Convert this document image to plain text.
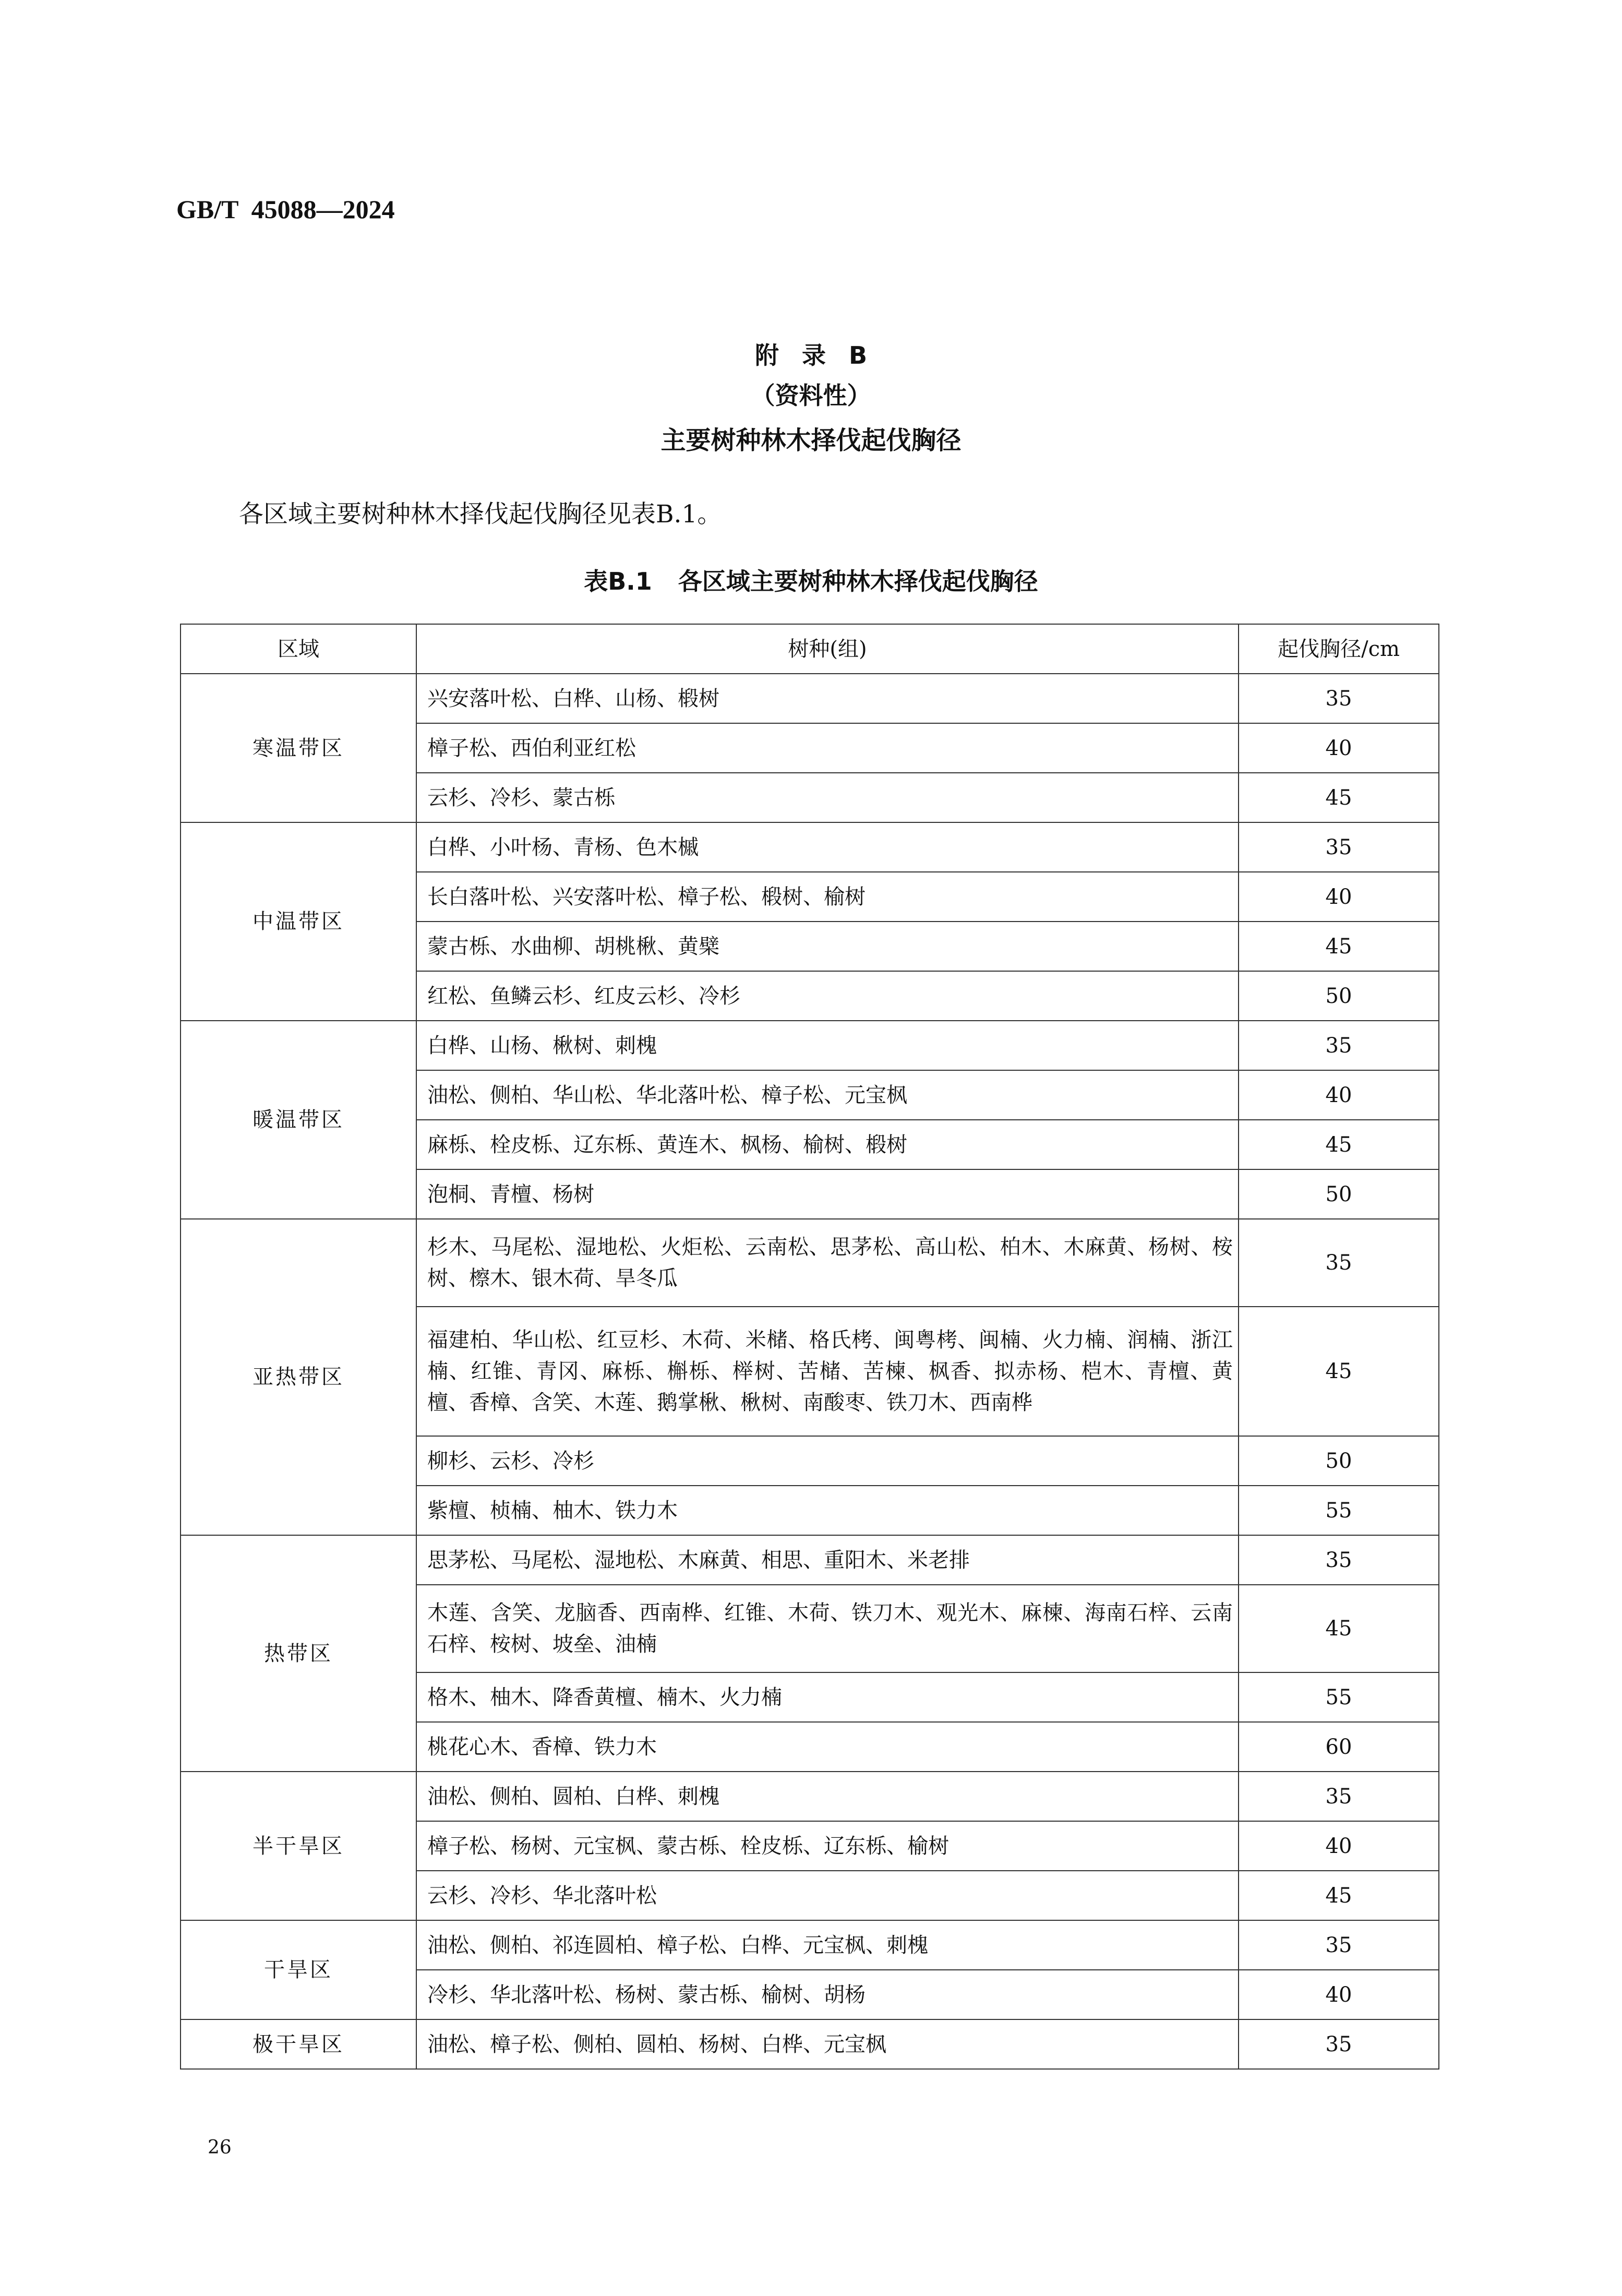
GB/T  45088—2024
附 录 B
（资料性）
主要树种林木择伐起伐胸径
各区域主要树种林木择伐起伐胸径见表B.1。
表B.1 各区域主要树种林木择伐起伐胸径
区域	树种(组)	起伐胸径/cm
寒温带区	兴安落叶松、白桦、山杨、椴树	35
	樟子松、西伯利亚红松	40
	云杉、冷杉、蒙古栎	45
中温带区	白桦、小叶杨、青杨、色木槭	35
	长白落叶松、兴安落叶松、樟子松、椴树、榆树	40
	蒙古栎、水曲柳、胡桃楸、黄檗	45
	红松、鱼鳞云杉、红皮云杉、冷杉	50
暖温带区	白桦、山杨、楸树、刺槐	35
	油松、侧柏、华山松、华北落叶松、樟子松、元宝枫	40
	麻栎、栓皮栎、辽东栎、黄连木、枫杨、榆树、椴树	45
	泡桐、青檀、杨树	50
亚热带区	杉木、马尾松、湿地松、火炬松、云南松、思茅松、高山松、柏木、木麻黄、杨树、桉树、檫木、银木荷、旱冬瓜	35
	福建柏、华山松、红豆杉、木荷、米槠、格氏栲、闽粤栲、闽楠、火力楠、润楠、浙江楠、红锥、青冈、麻栎、槲栎、榉树、苦槠、苦楝、枫香、拟赤杨、桤木、青檀、黄檀、香樟、含笑、木莲、鹅掌楸、楸树、南酸枣、铁刀木、西南桦	45
	柳杉、云杉、冷杉	50
	紫檀、桢楠、柚木、铁力木	55
热带区	思茅松、马尾松、湿地松、木麻黄、相思、重阳木、米老排	35
	木莲、含笑、龙脑香、西南桦、红锥、木荷、铁刀木、观光木、麻楝、海南石梓、云南石梓、桉树、坡垒、油楠	45
	格木、柚木、降香黄檀、楠木、火力楠	55
	桃花心木、香樟、铁力木	60
半干旱区	油松、侧柏、圆柏、白桦、刺槐	35
	樟子松、杨树、元宝枫、蒙古栎、栓皮栎、辽东栎、榆树	40
	云杉、冷杉、华北落叶松	45
干旱区	油松、侧柏、祁连圆柏、樟子松、白桦、元宝枫、刺槐	35
	冷杉、华北落叶松、杨树、蒙古栎、榆树、胡杨	40
极干旱区	油松、樟子松、侧柏、圆柏、杨树、白桦、元宝枫	35
26
